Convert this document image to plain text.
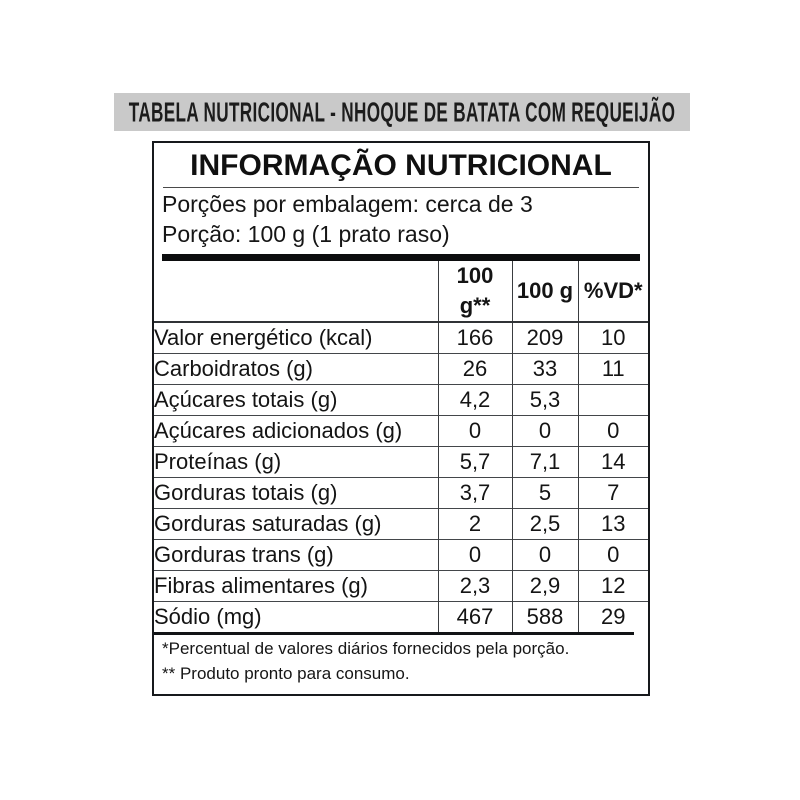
TABELA NUTRICIONAL - NHOQUE DE BATATA COM REQUEIJÃO
INFORMAÇÃO NUTRICIONAL
Porções por embalagem: cerca de 3
Porção: 100 g (1 prato raso)
	100 g**	100 g	%VD*
Valor energético (kcal)	166	209	10
Carboidratos (g)	26	33	11
Açúcares totais (g)	4,2	5,3	
Açúcares adicionados (g)	0	0	0
Proteínas (g)	5,7	7,1	14
Gorduras totais (g)	3,7	5	7
Gorduras saturadas (g)	2	2,5	13
Gorduras trans (g)	0	0	0
Fibras alimentares (g)	2,3	2,9	12
Sódio (mg)	467	588	29
*Percentual de valores diários fornecidos pela porção.
** Produto pronto para consumo.
